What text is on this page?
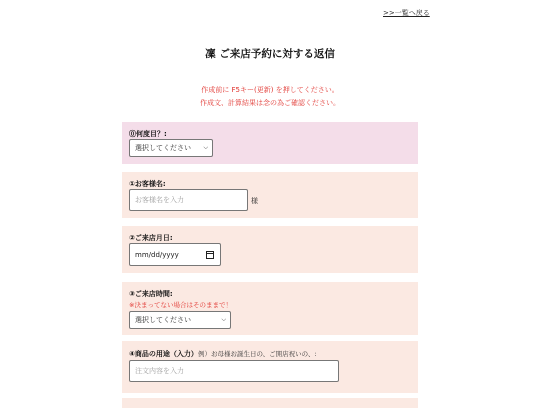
>>一覧へ戻る
凜 ご来店予約に対する返信
作成前に F5キー(更新) を押してください。
作成文、計算結果は念の為ご確認ください。
⓪何度目？:
選択してください ⌵
①お客様名:
お客様名を入力	様
②ご来店月日:
mm/dd/yyyy
③ご来店時間:
※決まってない場合はそのままで！
選択してください	⌵
④商品の用途（入力）例）お母様お誕生日の、ご開店祝いの、:
注文内容を入力
